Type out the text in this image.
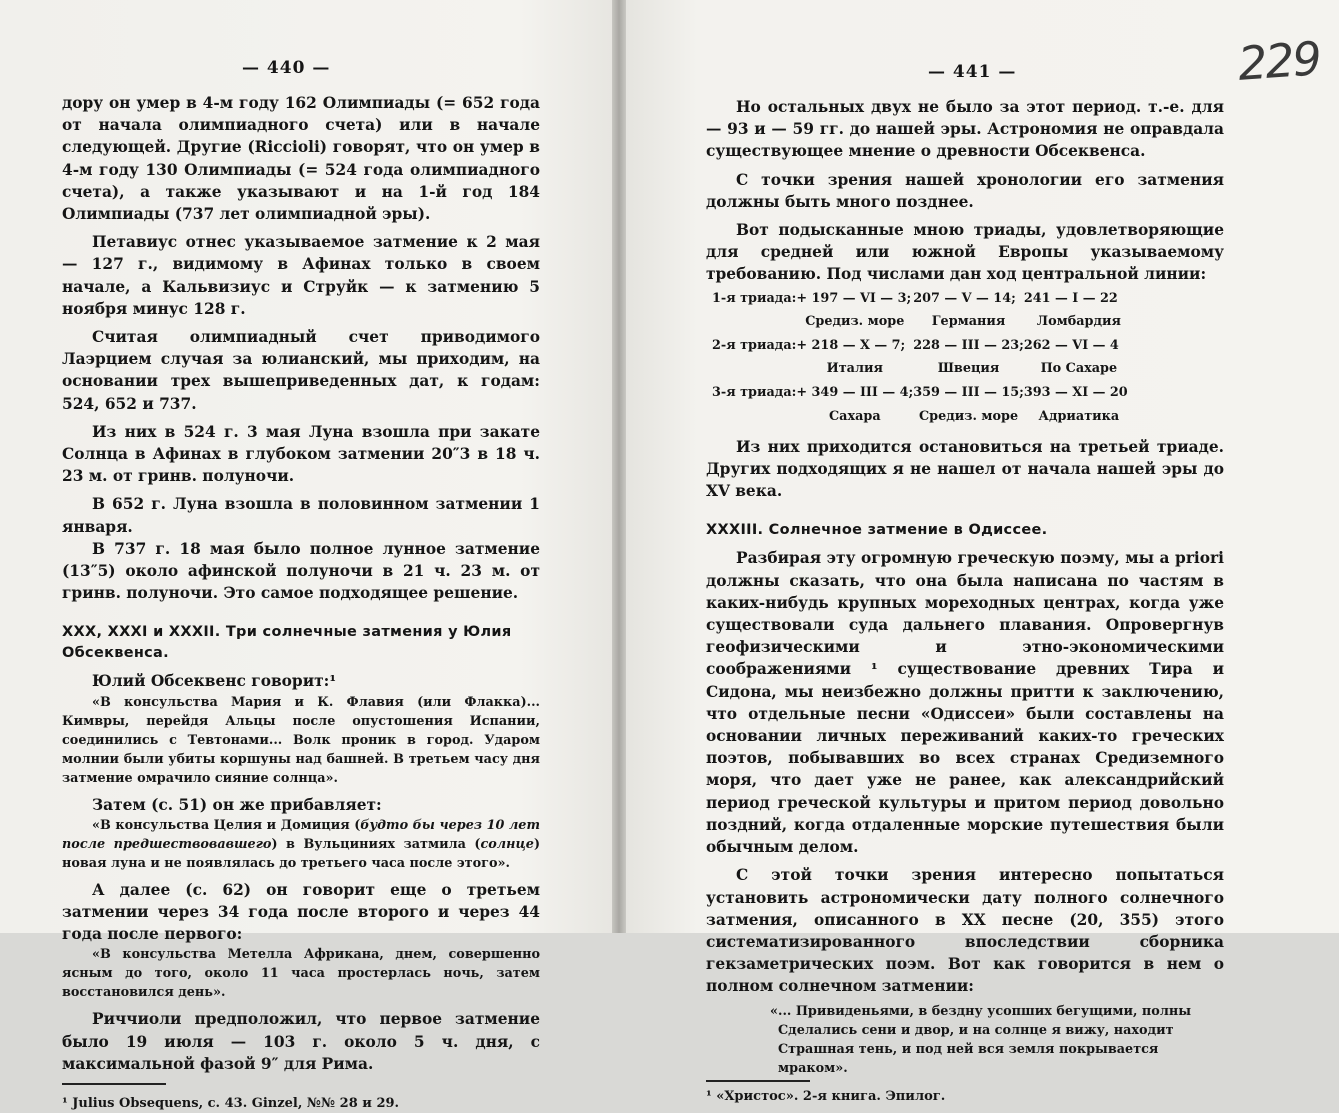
— 440 —

дору он умер в 4-м году 162 Олимпиады (= 652 года от начала олимпиадного счета) или в начале следующей. Другие (Riccioli) говорят, что он умер в 4-м году 130 Олимпиады (= 524 года олимпиадного счета), а также указывают и на 1-й год 184 Олимпиады (737 лет олимпиадной эры).

Петавиус отнес указываемое затмение к 2 мая — 127 г., видимому в Афинах только в своем начале, а Кальвизиус и Струйк — к затмению 5 ноября минус 128 г.

Считая олимпиадный счет приводимого Лаэрцием случая за юлианский, мы приходим, на основании трех вышеприведенных дат, к годам: 524, 652 и 737.

Из них в 524 г. 3 мая Луна взошла при закате Солнца в Афинах в глубоком затмении 20″3 в 18 ч. 23 м. от гринв. полуночи.

В 652 г. Луна взошла в половинном затмении 1 января.

В 737 г. 18 мая было полное лунное затмение (13″5) около афинской полуночи в 21 ч. 23 м. от гринв. полуночи. Это самое подходящее решение.

XXX, XXXI и XXXII. Три солнечные затмения у Юлия Обсеквенса.

Юлий Обсеквенс говорит:¹

«В консульства Мария и К. Флавия (или Флакка)... Кимвры, перейдя Альцы после опустошения Испании, соединились с Тевтонами... Волк проник в город. Ударом молнии были убиты коршуны над башней. В третьем часу дня затмение омрачило сияние солнца».

Затем (с. 51) он же прибавляет:

«В консульства Целия и Домиция (будто бы через 10 лет после предшествовавшего) в Вульциниях затмила (солнце) новая луна и не появлялась до третьего часа после этого».

А далее (с. 62) он говорит еще о третьем затмении через 34 года после второго и через 44 года после первого:

«В консульства Метелла Африкана, днем, совершенно ясным до того, около 11 часа простерлась ночь, затем восстановился день».

Риччиоли предположил, что первое затмение было 19 июля — 103 г. около 5 ч. дня, с максимальной фазой 9″ для Рима.

¹ Julius Obsequens, c. 43. Ginzel, №№ 28 и 29.

— 441 —

Но остальных двух не было за этот период. т.-е. для — 93 и — 59 гг. до нашей эры. Астрономия не оправдала существующее мнение о древности Обсеквенса.

С точки зрения нашей хронологии его затмения должны быть много позднее.

Вот подысканные мною триады, удовлетворяющие для средней или южной Европы указываемому требованию. Под числами дан ход центральной линии:

1-я триада:	+ 197 — VI — 3;	207 — V — 14;	241 — I — 22
	Средиз. море	Германия	Ломбардия
2-я триада:	+ 218 — X — 7;	228 — III — 23;	262 — VI — 4
	Италия	Швеция	По Сахаре
3-я триада:	+ 349 — III — 4;	359 — III — 15;	393 — XI — 20
	Сахара	Средиз. море	Адриатика

Из них приходится остановиться на третьей триаде. Других подходящих я не нашел от начала нашей эры до XV века.

XXXIII. Солнечное затмение в Одиссее.

Разбирая эту огромную греческую поэму, мы a priori должны сказать, что она была написана по частям в каких-нибудь крупных мореходных центрах, когда уже существовали суда дальнего плавания. Опровергнув геофизическими и этно-экономическими соображениями ¹ существование древних Тира и Сидона, мы неизбежно должны притти к заключению, что отдельные песни «Одиссеи» были составлены на основании личных переживаний каких-то греческих поэтов, побывавших во всех странах Средиземного моря, что дает уже не ранее, как александрийский период греческой культуры и притом период довольно поздний, когда отдаленные морские путешествия были обычным делом.

С этой точки зрения интересно попытаться установить астрономически дату полного солнечного затмения, описанного в XX песне (20, 355) этого систематизированного впоследствии сборника гекзаметрических поэм. Вот как говорится в нем о полном солнечном затмении:

«... Привиденьями, в бездну усопших бегущими, полны

Сделались сени и двор, и на солнце я вижу, находит

Страшная тень, и под ней вся земля покрывается мраком».

¹ «Христос». 2-я книга. Эпилог.

229
